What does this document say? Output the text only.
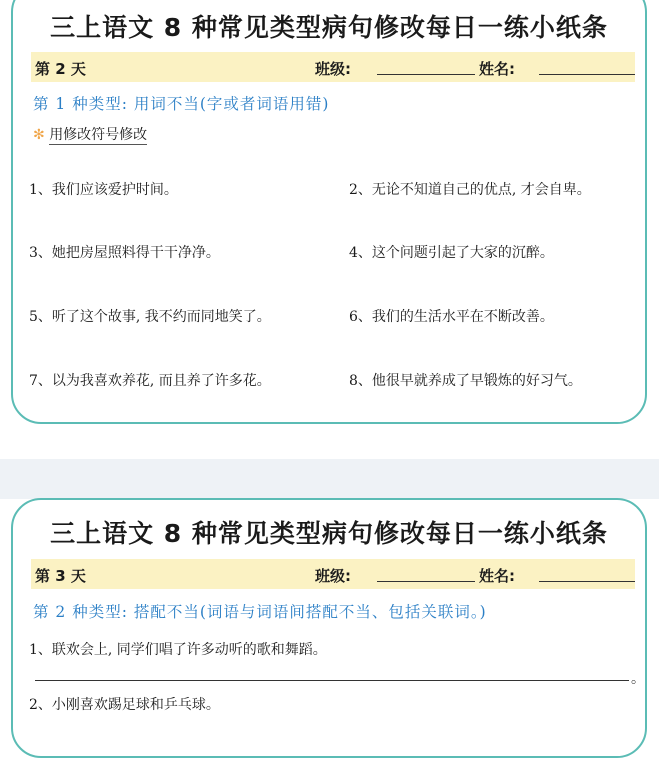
三上语文 8 种常见类型病句修改每日一练小纸条
第 2 天	班级:	姓名:
第 1 种类型: 用词不当(字或者词语用错)
✻ 用修改符号修改
1、我们应该爱护时间。	2、无论不知道自己的优点, 才会自卑。
3、她把房屋照料得干干净净。	4、这个问题引起了大家的沉醉。
5、听了这个故事, 我不约而同地笑了。	6、我们的生活水平在不断改善。
7、以为我喜欢养花, 而且养了许多花。	8、他很早就养成了早锻炼的好习气。
三上语文 8 种常见类型病句修改每日一练小纸条
第 3 天	班级:	姓名:
第 2 种类型: 搭配不当(词语与词语间搭配不当、包括关联词。)
1、联欢会上, 同学们唱了许多动听的歌和舞蹈。
。
2、小刚喜欢踢足球和乒乓球。
